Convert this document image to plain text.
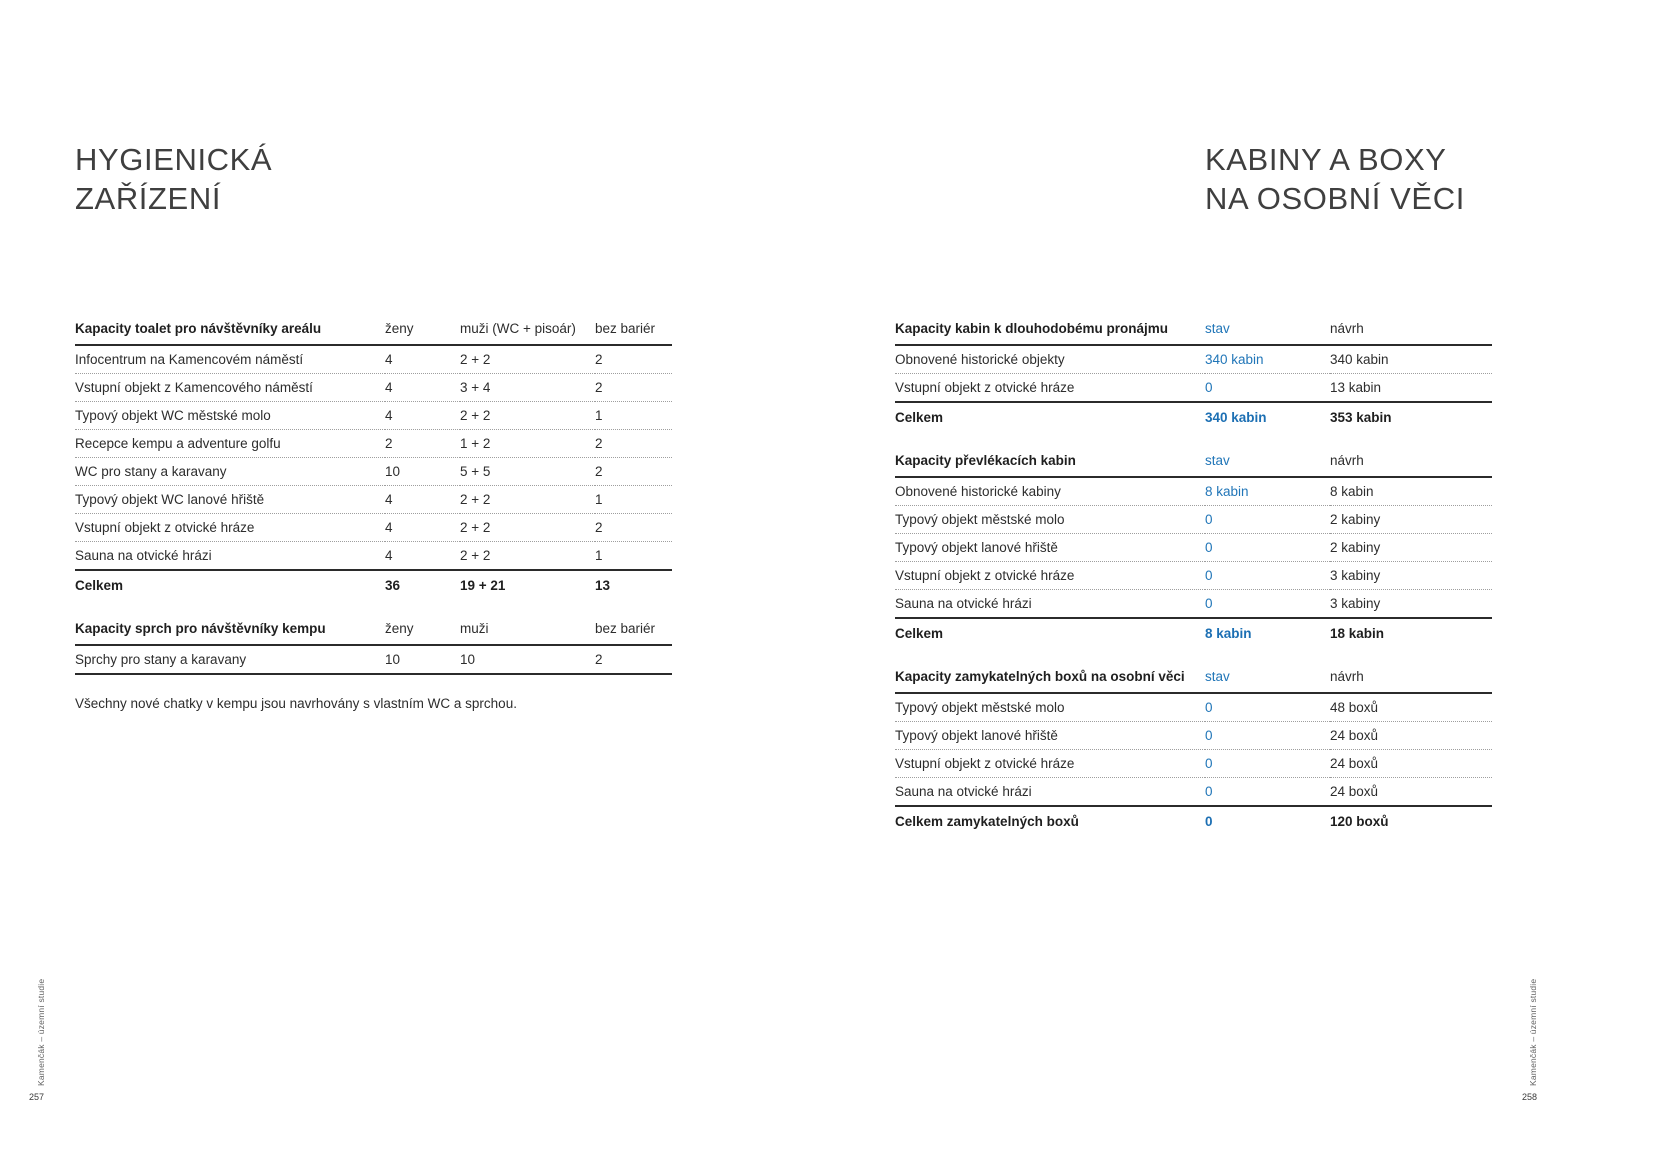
HYGIENICKÁ
ZAŘÍZENÍ
Kapacity toalet pro návštěvníky areálu	ženy	muži (WC + pisoár)	bez bariér
Infocentrum na Kamencovém náměstí	4	2 + 2	2
Vstupní objekt z Kamencového náměstí	4	3 + 4	2
Typový objekt WC městské molo	4	2 + 2	1
Recepce kempu a adventure golfu	2	1 + 2	2
WC pro stany a karavany	10	5 + 5	2
Typový objekt WC lanové hřiště	4	2 + 2	1
Vstupní objekt z otvické hráze	4	2 + 2	2
Sauna na otvické hrázi	4	2 + 2	1
Celkem	36	19 + 21	13
Kapacity sprch pro návštěvníky kempu	ženy	muži	bez bariér
Sprchy pro stany a karavany	10	10	2

Všechny nové chatky v kempu jsou navrhovány s vlastním WC a sprchou.

Kamenčák – územní studie
257
KABINY A BOXY
NA OSOBNÍ VĚCI
Kapacity kabin k dlouhodobému pronájmu	stav	návrh
Obnovené historické objekty	340 kabin	340 kabin
Vstupní objekt z otvické hráze	0	13 kabin
Celkem	340 kabin	353 kabin
Kapacity převlékacích kabin	stav	návrh
Obnovené historické kabiny	8 kabin	8 kabin
Typový objekt městské molo	0	2 kabiny
Typový objekt lanové hřiště	0	2 kabiny
Vstupní objekt z otvické hráze	0	3 kabiny
Sauna na otvické hrázi	0	3 kabiny
Celkem	8 kabin	18 kabin
Kapacity zamykatelných boxů na osobní věci	stav	návrh
Typový objekt městské molo	0	48 boxů
Typový objekt lanové hřiště	0	24 boxů
Vstupní objekt z otvické hráze	0	24 boxů
Sauna na otvické hrázi	0	24 boxů
Celkem zamykatelných boxů	0	120 boxů
Kamenčák – územní studie
258
